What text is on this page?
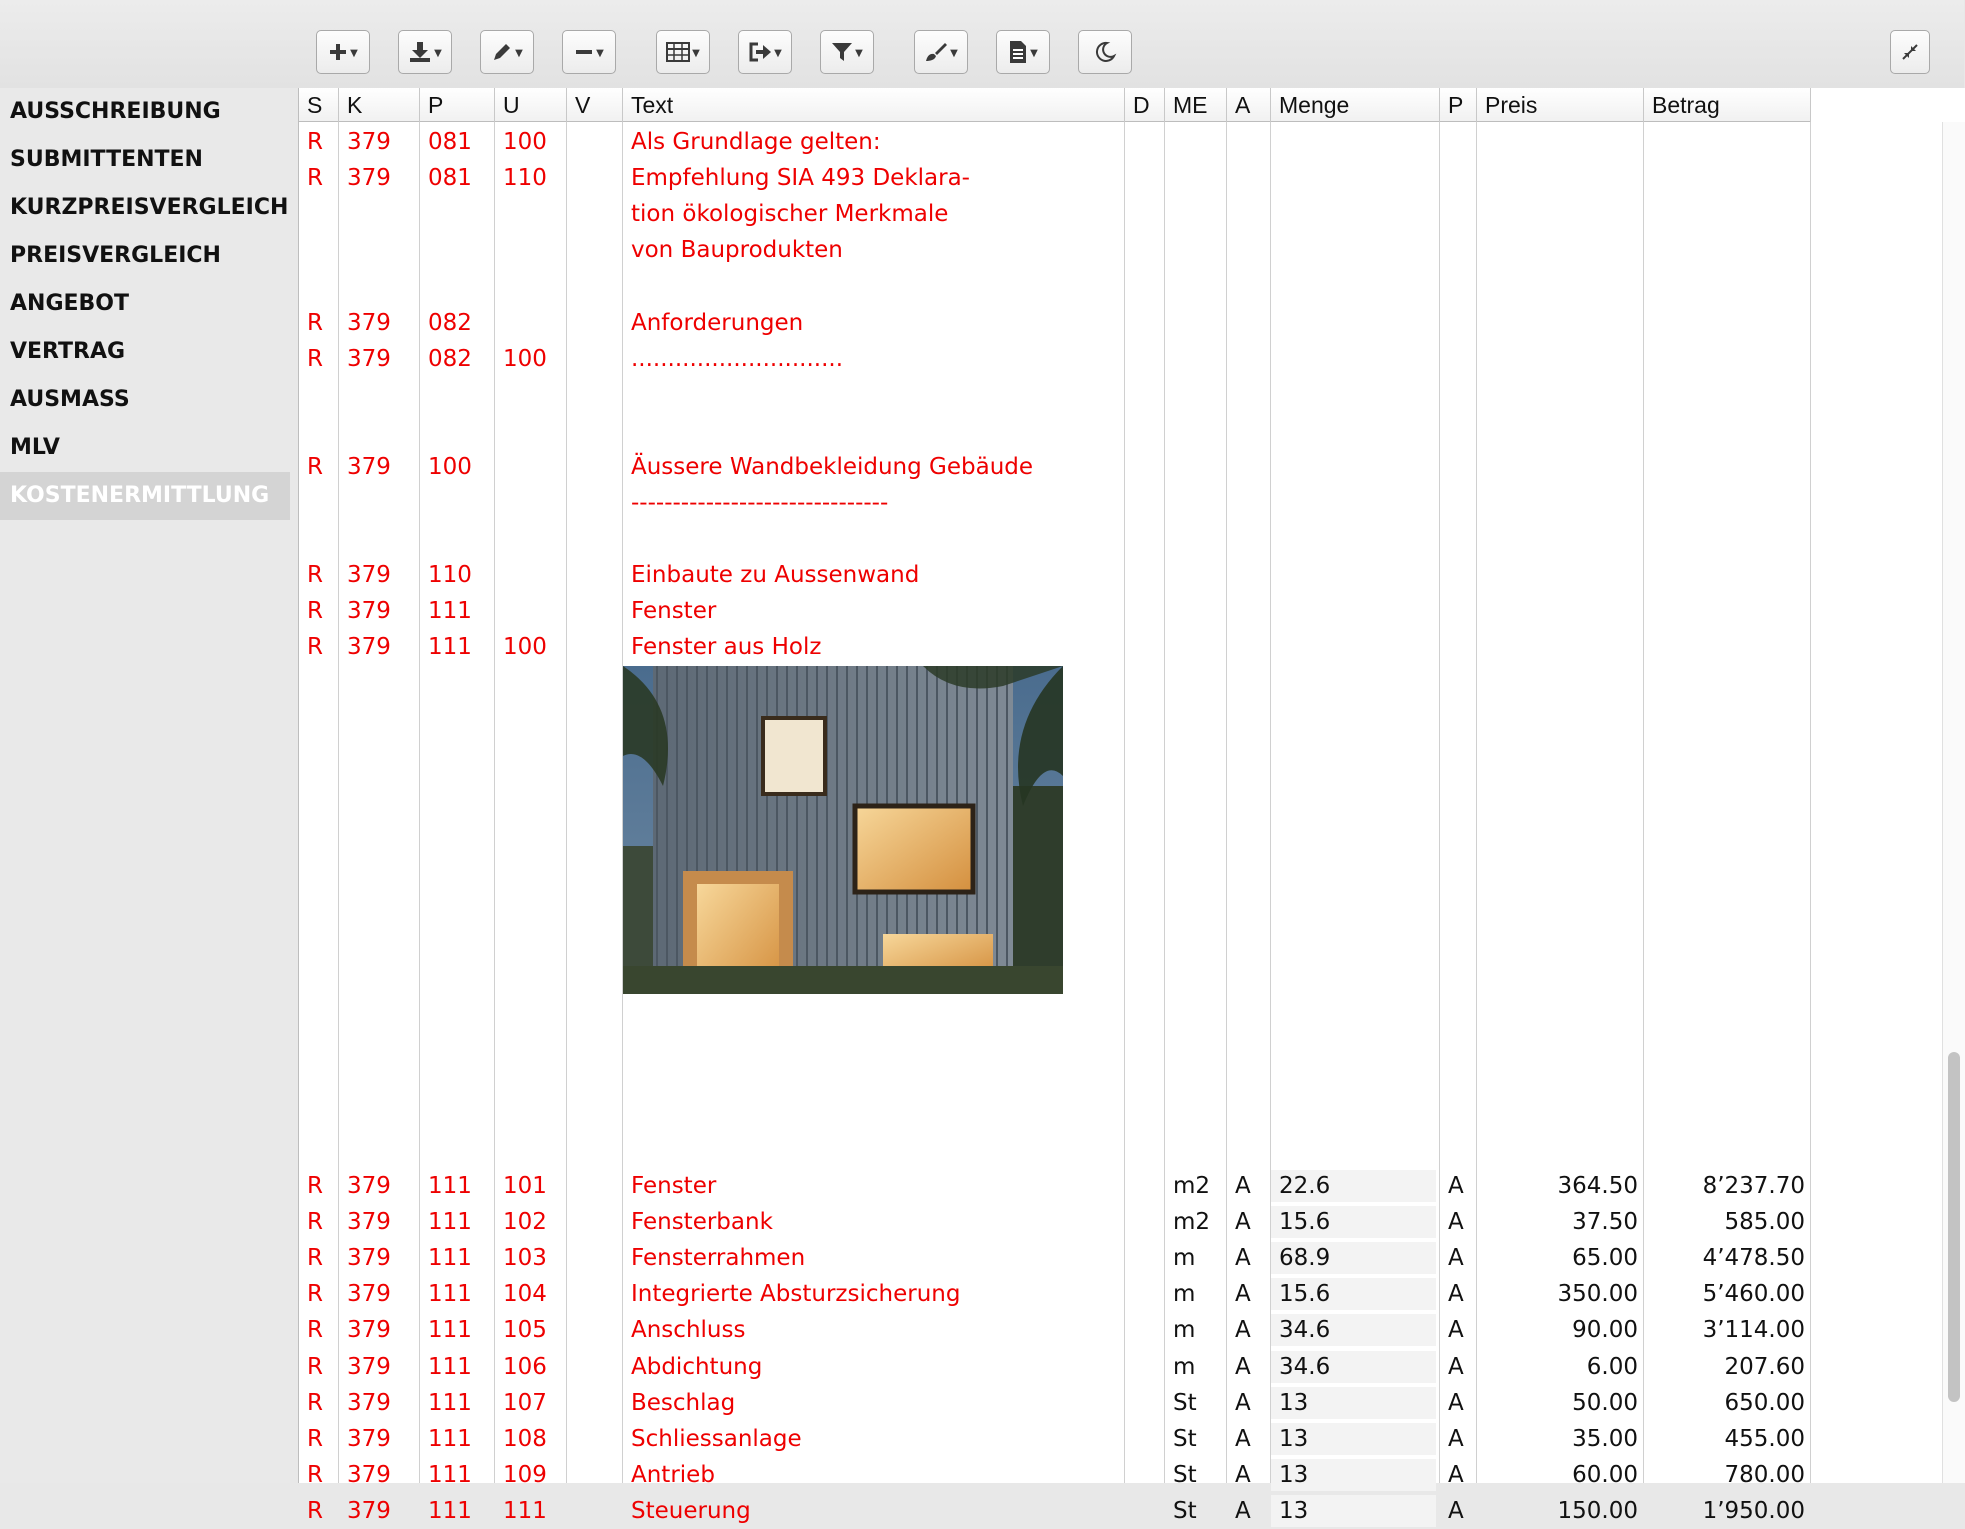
▼	▼	▼	▼	▼	▼	▼	▼	▼
AUSSCHREIBUNG
SUBMITTENTEN
KURZPREISVERGLEICH
PREISVERGLEICH
ANGEBOT
VERTRAG
AUSMASS
MLV
KOSTENERMITTLUNG
S	K	P	U	V	Text	D	ME	A	Menge	P Preis	Betrag
R	379	081	100	Als Grundlage gelten:
R	379	081	110	Empfehlung SIA 493 Deklara-
tion ökologischer Merkmale
von Bauprodukten
R	379	082	Anforderungen
R	379	082	100	.............................
R	379	100	Äussere Wandbekleidung Gebäude
-------------------------------
R	379	110	Einbaute zu Aussenwand
R	379	111	Fenster
R	379	111	100	Fenster aus Holz
R	379	111	101	Fenster	m2	A	22.6	A	364.50	8’237.70
R	379	111	102	Fensterbank	m2	A	15.6	A	37.50	585.00
R	379	111	103	Fensterrahmen	m	A	68.9	A	65.00	4’478.50
R	379	111	104	Integrierte Absturzsicherung	m	A	15.6	A	350.00	5’460.00
R	379	111	105	Anschluss	m	A	34.6	A	90.00	3’114.00
R	379	111	106	Abdichtung	m	A	34.6	A	6.00	207.60
R	379	111	107	Beschlag	St	A	13	A	50.00	650.00
R	379	111	108	Schliessanlage	St	A	13	A	35.00	455.00
R	379	111	109	Antrieb	St	A	13	A	60.00	780.00
R	379	111	111	Steuerung	St	A	13	A	150.00	1’950.00
